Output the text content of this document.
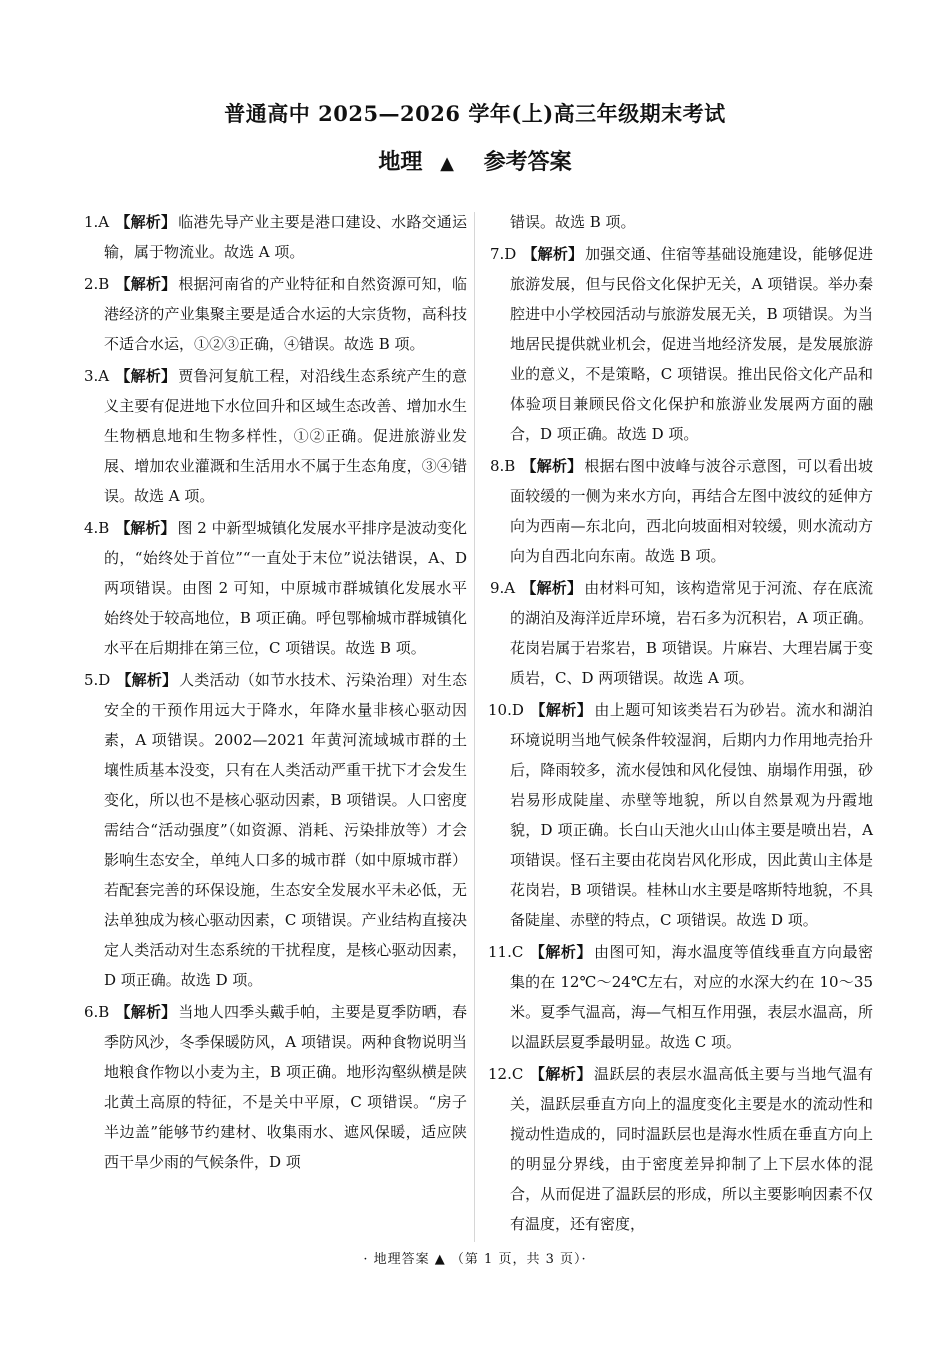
普通高中 2025—2026 学年(上)高三年级期末考试
地理 ▲ 参考答案

1.A 【解析】 临港先导产业主要是港口建设、水路交通运输，属于物流业。故选 A 项。

2.B 【解析】 根据河南省的产业特征和自然资源可知，临港经济的产业集聚主要是适合水运的大宗货物，高科技不适合水运，①②③正确，④错误。故选 B 项。

3.A 【解析】 贾鲁河复航工程，对沿线生态系统产生的意义主要有促进地下水位回升和区域生态改善、增加水生生物栖息地和生物多样性，①②正确。促进旅游业发展、增加农业灌溉和生活用水不属于生态角度，③④错误。故选 A 项。

4.B 【解析】 图 2 中新型城镇化发展水平排序是波动变化的，“始终处于首位”“一直处于末位”说法错误，A、D 两项错误。由图 2 可知，中原城市群城镇化发展水平始终处于较高地位，B 项正确。呼包鄂榆城市群城镇化水平在后期排在第三位，C 项错误。故选 B 项。

5.D 【解析】 人类活动（如节水技术、污染治理）对生态安全的干预作用远大于降水，年降水量非核心驱动因素，A 项错误。2002—2021 年黄河流域城市群的土壤性质基本没变，只有在人类活动严重干扰下才会发生变化，所以也不是核心驱动因素，B 项错误。人口密度需结合“活动强度”（如资源、消耗、污染排放等）才会影响生态安全，单纯人口多的城市群（如中原城市群）若配套完善的环保设施，生态安全发展水平未必低，无法单独成为核心驱动因素，C 项错误。产业结构直接决定人类活动对生态系统的干扰程度，是核心驱动因素，D 项正确。故选 D 项。

6.B 【解析】 当地人四季头戴手帕，主要是夏季防晒，春季防风沙，冬季保暖防风，A 项错误。两种食物说明当地粮食作物以小麦为主，B 项正确。地形沟壑纵横是陕北黄土高原的特征，不是关中平原，C 项错误。“房子半边盖”能够节约建材、收集雨水、遮风保暖，适应陕西干旱少雨的气候条件，D 项

错误。故选 B 项。

7.D 【解析】 加强交通、住宿等基础设施建设，能够促进旅游发展，但与民俗文化保护无关，A 项错误。举办秦腔进中小学校园活动与旅游发展无关，B 项错误。为当地居民提供就业机会，促进当地经济发展，是发展旅游业的意义，不是策略，C 项错误。推出民俗文化产品和体验项目兼顾民俗文化保护和旅游业发展两方面的融合，D 项正确。故选 D 项。

8.B 【解析】 根据右图中波峰与波谷示意图，可以看出坡面较缓的一侧为来水方向，再结合左图中波纹的延伸方向为西南—东北向，西北向坡面相对较缓，则水流动方向为自西北向东南。故选 B 项。

9.A 【解析】 由材料可知，该构造常见于河流、存在底流的湖泊及海洋近岸环境，岩石多为沉积岩，A 项正确。花岗岩属于岩浆岩，B 项错误。片麻岩、大理岩属于变质岩，C、D 两项错误。故选 A 项。

10.D 【解析】 由上题可知该类岩石为砂岩。流水和湖泊环境说明当地气候条件较湿润，后期内力作用地壳抬升后，降雨较多，流水侵蚀和风化侵蚀、崩塌作用强，砂岩易形成陡崖、赤壁等地貌，所以自然景观为丹霞地貌，D 项正确。长白山天池火山山体主要是喷出岩，A 项错误。怪石主要由花岗岩风化形成，因此黄山主体是花岗岩，B 项错误。桂林山水主要是喀斯特地貌，不具备陡崖、赤壁的特点，C 项错误。故选 D 项。

11.C 【解析】 由图可知，海水温度等值线垂直方向最密集的在 12℃～24℃左右，对应的水深大约在 10～35 米。夏季气温高，海—气相互作用强，表层水温高，所以温跃层夏季最明显。故选 C 项。

12.C 【解析】 温跃层的表层水温高低主要与当地气温有关，温跃层垂直方向上的温度变化主要是水的流动性和搅动性造成的，同时温跃层也是海水性质在垂直方向上的明显分界线，由于密度差异抑制了上下层水体的混合，从而促进了温跃层的形成，所以主要影响因素不仅有温度，还有密度，

· 地理答案 ▲ （第 1 页，共 3 页）·
